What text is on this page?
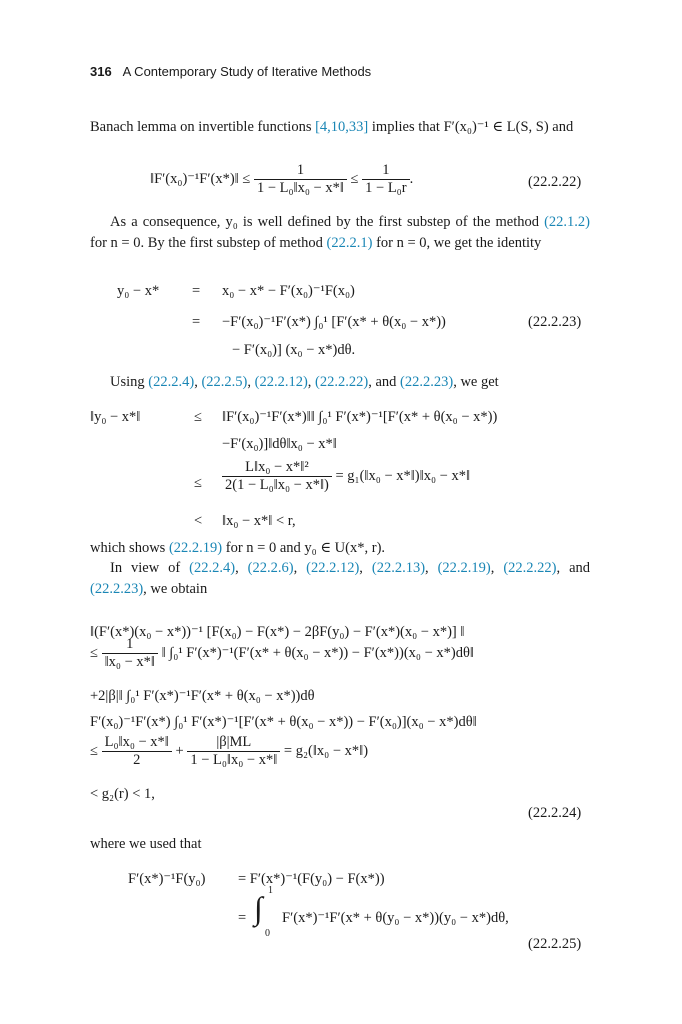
316 A Contemporary Study of Iterative Methods
Banach lemma on invertible functions [4,10,33] implies that F′(x₀)⁻¹ ∈ L(S, S) and
‖F′(x₀)⁻¹F′(x*)‖ ≤ $\frac{1}{\text{1 − L₀‖x₀ − x*‖}} \le \frac{1}{\text{1 − L₀r}}$ .	(22.2.22)
As a consequence, y₀ is well defined by the first substep of the method (22.1.2) for n = 0. By the first substep of method (22.2.1) for n = 0, we get the identity
y₀ − x* = x₀ − x* − F′(x₀)⁻¹F(x₀)
= −F′(x₀)⁻¹F′(x*) ∫₀¹ [F′(x* + θ(x₀ − x*))
− F′(x₀)] (x₀ − x*)dθ.
(22.2.23)
Using (22.2.4), (22.2.5), (22.2.12), (22.2.22), and (22.2.23), we get
‖y₀ − x*‖	≤ ‖F′(x₀)⁻¹F′(x*)‖‖ ∫₀¹ F′(x*)⁻¹[F′(x* + θ(x₀ − x*))
−F′(x₀)]‖dθ‖x₀ − x*‖
≤ $\frac{\text{L‖x₀ − x*‖²}}{\text{2(1 − L₀‖x₀ − x*‖)}}$ = g₁(‖x₀ − x*‖)‖x₀ − x*‖
< ‖x₀ − x*‖ < r,
which shows (22.2.19) for n = 0 and y₀ ∈ U(x*, r).
In view of (22.2.4), (22.2.6), (22.2.12), (22.2.13), (22.2.19), (22.2.22), and (22.2.23), we obtain
‖(F′(x*)(x₀ − x*))⁻¹ [F(x₀) − F(x*) − 2βF(y₀) − F′(x*)(x₀ − x*)] ‖
≤ $\frac{1}{\text{‖x₀ − x*‖}}$ ‖ ∫₀¹ F′(x*)⁻¹(F′(x* + θ(x₀ − x*)) − F′(x*))(x₀ − x*)dθ‖
+2|β|‖ ∫₀¹ F′(x*)⁻¹F′(x* + θ(x₀ − x*))dθ
F′(x₀)⁻¹F′(x*) ∫₀¹ F′(x*)⁻¹[F′(x* + θ(x₀ − x*)) − F′(x₀)](x₀ − x*)dθ‖
≤ $\frac{\text{L₀‖x₀ − x*‖}}{2} + \frac{|\beta|ML}{\text{1 − L₀‖x₀ − x*‖}}$ = g₂(‖x₀ − x*‖)
< g₂(r) < 1,
(22.2.24)
where we used that
F′(x*)⁻¹F(y₀) = F′(x*)⁻¹(F(y₀) − F(x*))
= ∫ 1
0
F′(x*)⁻¹F′(x* + θ(y₀ − x*))(y₀ − x*)dθ,
(22.2.25)
